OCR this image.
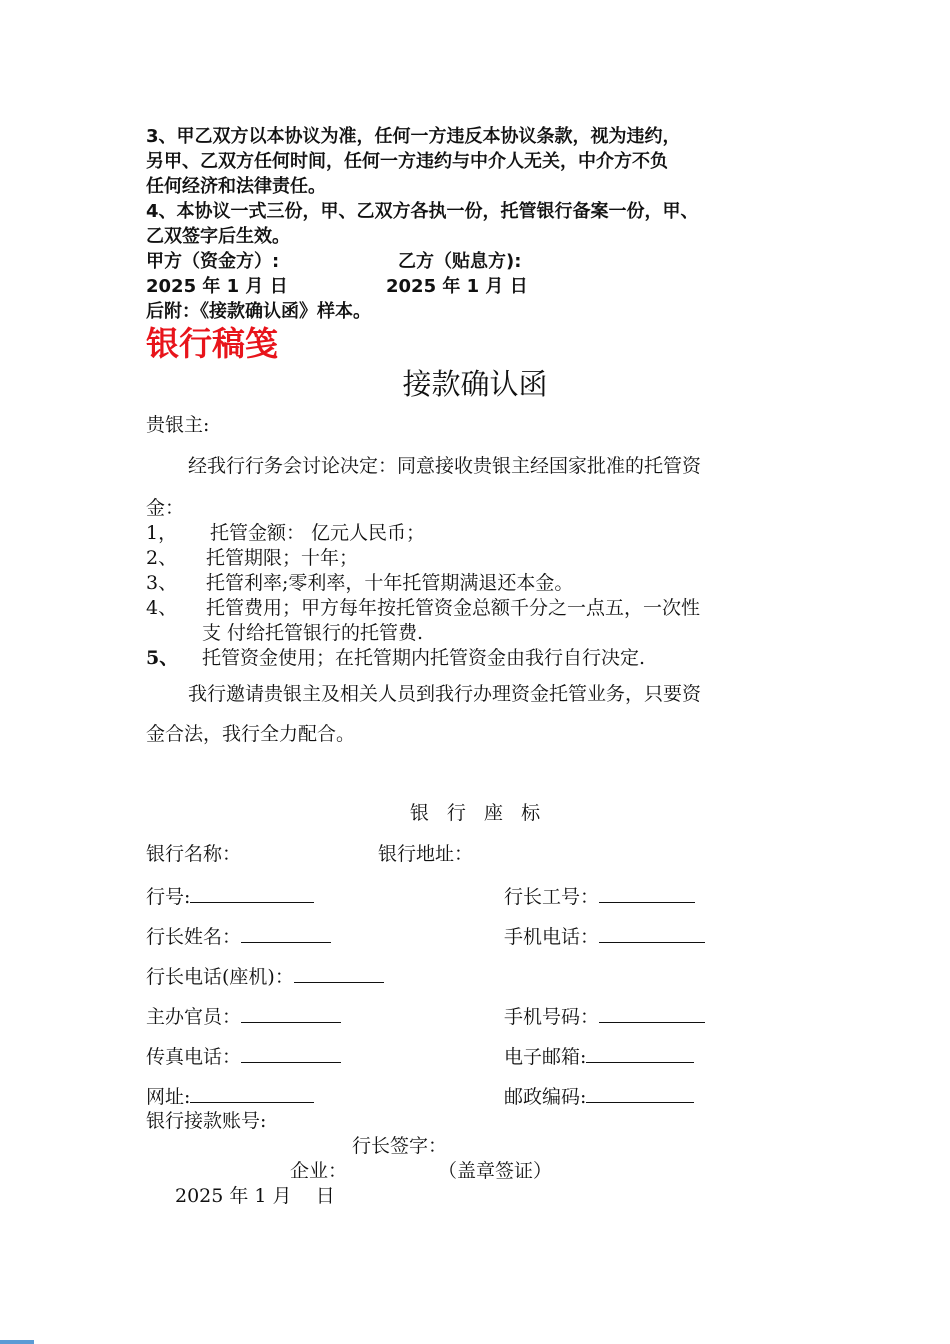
3、甲乙双方以本协议为准，任何一方违反本协议条款，视为违约，
另甲、乙双方任何时间，任何一方违约与中介人无关，中介方不负
任何经济和法律责任。
4、本协议一式三份，甲、乙双方各执一份，托管银行备案一份，甲、
乙双签字后生效。
甲方（资金方）:	乙方（贴息方):
2025 年 1 月 日	2025 年 1 月 日
后附：《接款确认函》样本。
银行稿笺
接款确认函
贵银主:
经我行行务会讨论决定：同意接收贵银主经国家批准的托管资
金：
1， 托管金额： 亿元人民币；
2、 托管期限；十年；
3、 托管利率;零利率，十年托管期满退还本金。
4、 托管费用；甲方每年按托管资金总额千分之一点五，一次性
支 付给托管银行的托管费.
5、 托管资金使用；在托管期内托管资金由我行自行决定.
我行邀请贵银主及相关人员到我行办理资金托管业务，只要资
金合法，我行全力配合。
银   行   座   标
银行名称：	银行地址：
行号:	行长工号：
行长姓名：	手机电话：
行长电话(座机)：
主办官员：	手机号码：
传真电话：	电子邮箱:
网址:	邮政编码:
银行接款账号:
行长签字：
企业：	（盖章签证）
2025 年 1 月    日
